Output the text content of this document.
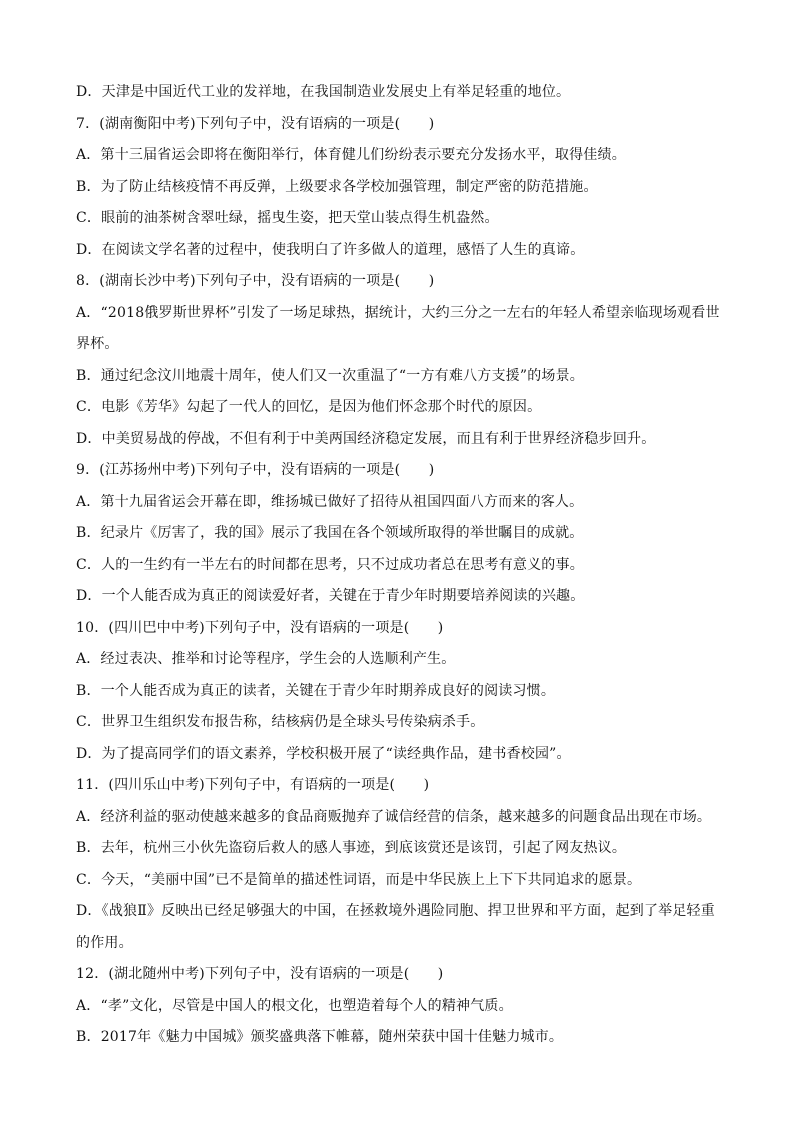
D．天津是中国近代工业的发祥地，在我国制造业发展史上有举足轻重的地位。
7．(湖南衡阳中考)下列句子中，没有语病的一项是(　　)
A．第十三届省运会即将在衡阳举行，体育健儿们纷纷表示要充分发扬水平，取得佳绩。
B．为了防止结核疫情不再反弹，上级要求各学校加强管理，制定严密的防范措施。
C．眼前的油茶树含翠吐绿，摇曳生姿，把天堂山装点得生机盎然。
D．在阅读文学名著的过程中，使我明白了许多做人的道理，感悟了人生的真谛。
8．(湖南长沙中考)下列句子中，没有语病的一项是(　　)
A．“2018俄罗斯世界杯”引发了一场足球热，据统计，大约三分之一左右的年轻人希望亲临现场观看世
界杯。
B．通过纪念汶川地震十周年，使人们又一次重温了“一方有难八方支援”的场景。
C．电影《芳华》勾起了一代人的回忆，是因为他们怀念那个时代的原因。
D．中美贸易战的停战，不但有利于中美两国经济稳定发展，而且有利于世界经济稳步回升。
9．(江苏扬州中考)下列句子中，没有语病的一项是(　　)
A．第十九届省运会开幕在即，维扬城已做好了招待从祖国四面八方而来的客人。
B．纪录片《厉害了，我的国》展示了我国在各个领域所取得的举世瞩目的成就。
C．人的一生约有一半左右的时间都在思考，只不过成功者总在思考有意义的事。
D．一个人能否成为真正的阅读爱好者，关键在于青少年时期要培养阅读的兴趣。
10．(四川巴中中考)下列句子中，没有语病的一项是(　　)
A．经过表决、推举和讨论等程序，学生会的人选顺利产生。
B．一个人能否成为真正的读者，关键在于青少年时期养成良好的阅读习惯。
C．世界卫生组织发布报告称，结核病仍是全球头号传染病杀手。
D．为了提高同学们的语文素养，学校积极开展了“读经典作品，建书香校园”。
11．(四川乐山中考)下列句子中，有语病的一项是(　　)
A．经济利益的驱动使越来越多的食品商贩抛弃了诚信经营的信条，越来越多的问题食品出现在市场。
B．去年，杭州三小伙先盗窃后救人的感人事迹，到底该赏还是该罚，引起了网友热议。
C．今天，“美丽中国”已不是简单的描述性词语，而是中华民族上上下下共同追求的愿景。
D．《战狼Ⅱ》反映出已经足够强大的中国，在拯救境外遇险同胞、捍卫世界和平方面，起到了举足轻重
的作用。
12．(湖北随州中考)下列句子中，没有语病的一项是(　　)
A．“孝”文化，尽管是中国人的根文化，也塑造着每个人的精神气质。
B．2017年《魅力中国城》颁奖盛典落下帷幕，随州荣获中国十佳魅力城市。
